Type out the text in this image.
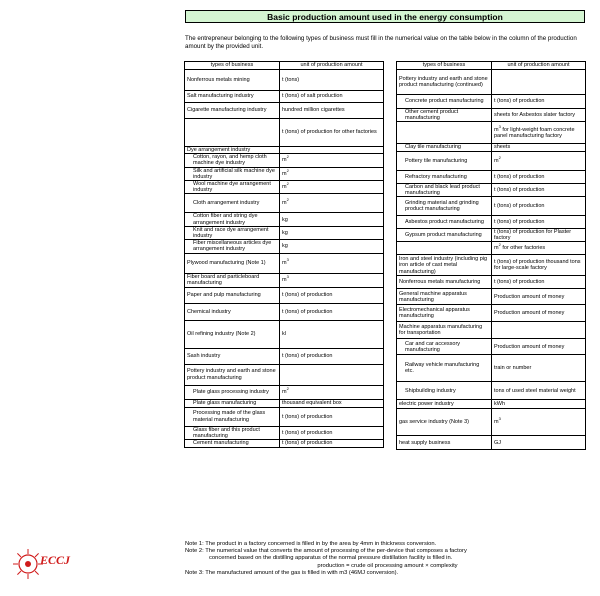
Basic production amount used in the energy consumption
The entrepreneur belonging to the following types of business must fill in the numerical value on the table below in the column of the production amount by the provided unit.
types of business	unit of production amount
Nonferrous metals mining	t (tons)
Salt manufacturing industry	t (tons) of salt production
Cigarette manufacturing industry	hundred million cigarettes
	t (tons) of production for other factories
Dye arrangement industry	
Cotton, rayon, and hemp cloth machine dye industry	$m^2$
Silk and artificial silk machine dye industry	$m^2$
Wool machine dye arrangement industry	$m^2$
Cloth arrangement industry	$m^2$
Cotton fiber and string dye arrangement industry	kg
Knit and race dye arrangement industry	kg
Fiber miscellaneous articles dye arrangement industry	kg
Plywood manufacturing (Note 1)	$m^3$
Fiber board and particleboard manufacturing	$m^3$
Paper and pulp manufacturing	t (tons) of production
Chemical industry	t (tons) of production
Oil refining industry (Note 2)	kl
Sash industry	t (tons) of production
Pottery industry and earth and stone product manufacturing	
Plate glass processing industry	$m^2$
Plate glass manufacturing	thousand equivalent box
Processing made of the glass material manufacturing	t (tons) of production
Glass fiber and this product manufacturing	t (tons) of production
Cement manufacturing	t (tons) of production
types of business	unit of production amount
Pottery industry and earth and stone product manufacturing (continued)	
Concrete product manufacturing	t (tons) of production
Other cement product manufacturing	sheets for Asbestos slater factory
	$m^3$ for light-weight foam concrete panel manufacturing factory
Clay tile manufacturing	sheets
Pottery tile manufacturing	$m^2$
Refractory manufacturing	t (tons) of production
Carbon and black lead product manufacturing	t (tons) of production
Grinding material and grinding product manufacturing	t (tons) of production
Asbestos product manufacturing	t (tons) of production
Gypsum product manufacturing	t (tons) of production for Plaster factory
	$m^2$ for other factories
Iron and steel industry (including pig iron article of cast metal manufacturing)	t (tons) of production thousand tons for large-scale factory
Nonferrous metals manufacturing	t (tons) of production
General machine apparatus manufacturing	Production amount of money
Electromechanical apparatus manufacturing	Production amount of money
Machine apparatus manufacturing for transportation	
Car and car accessory manufacturing	Production amount of money
Railway vehicle manufacturing etc.	train or number
Shipbuilding industry	tons of used steel material weight
electric power industry	kWh
gas service industry (Note 3)	$m^3$
heat supply business	GJ
Note 1: The product in a factory concerned is filled in by the area by 4mm in thickness conversion.
Note 2: The numerical value that converts the amount of processing of the per-device that composes a factory
concerned based on the distilling apparatus of the normal pressure distillation facility is filled in.
production = crude oil processing amount × complexity
Note 3: The manufactured amount of the gas is filled in with m3 (46MJ conversion).
ECCJ
